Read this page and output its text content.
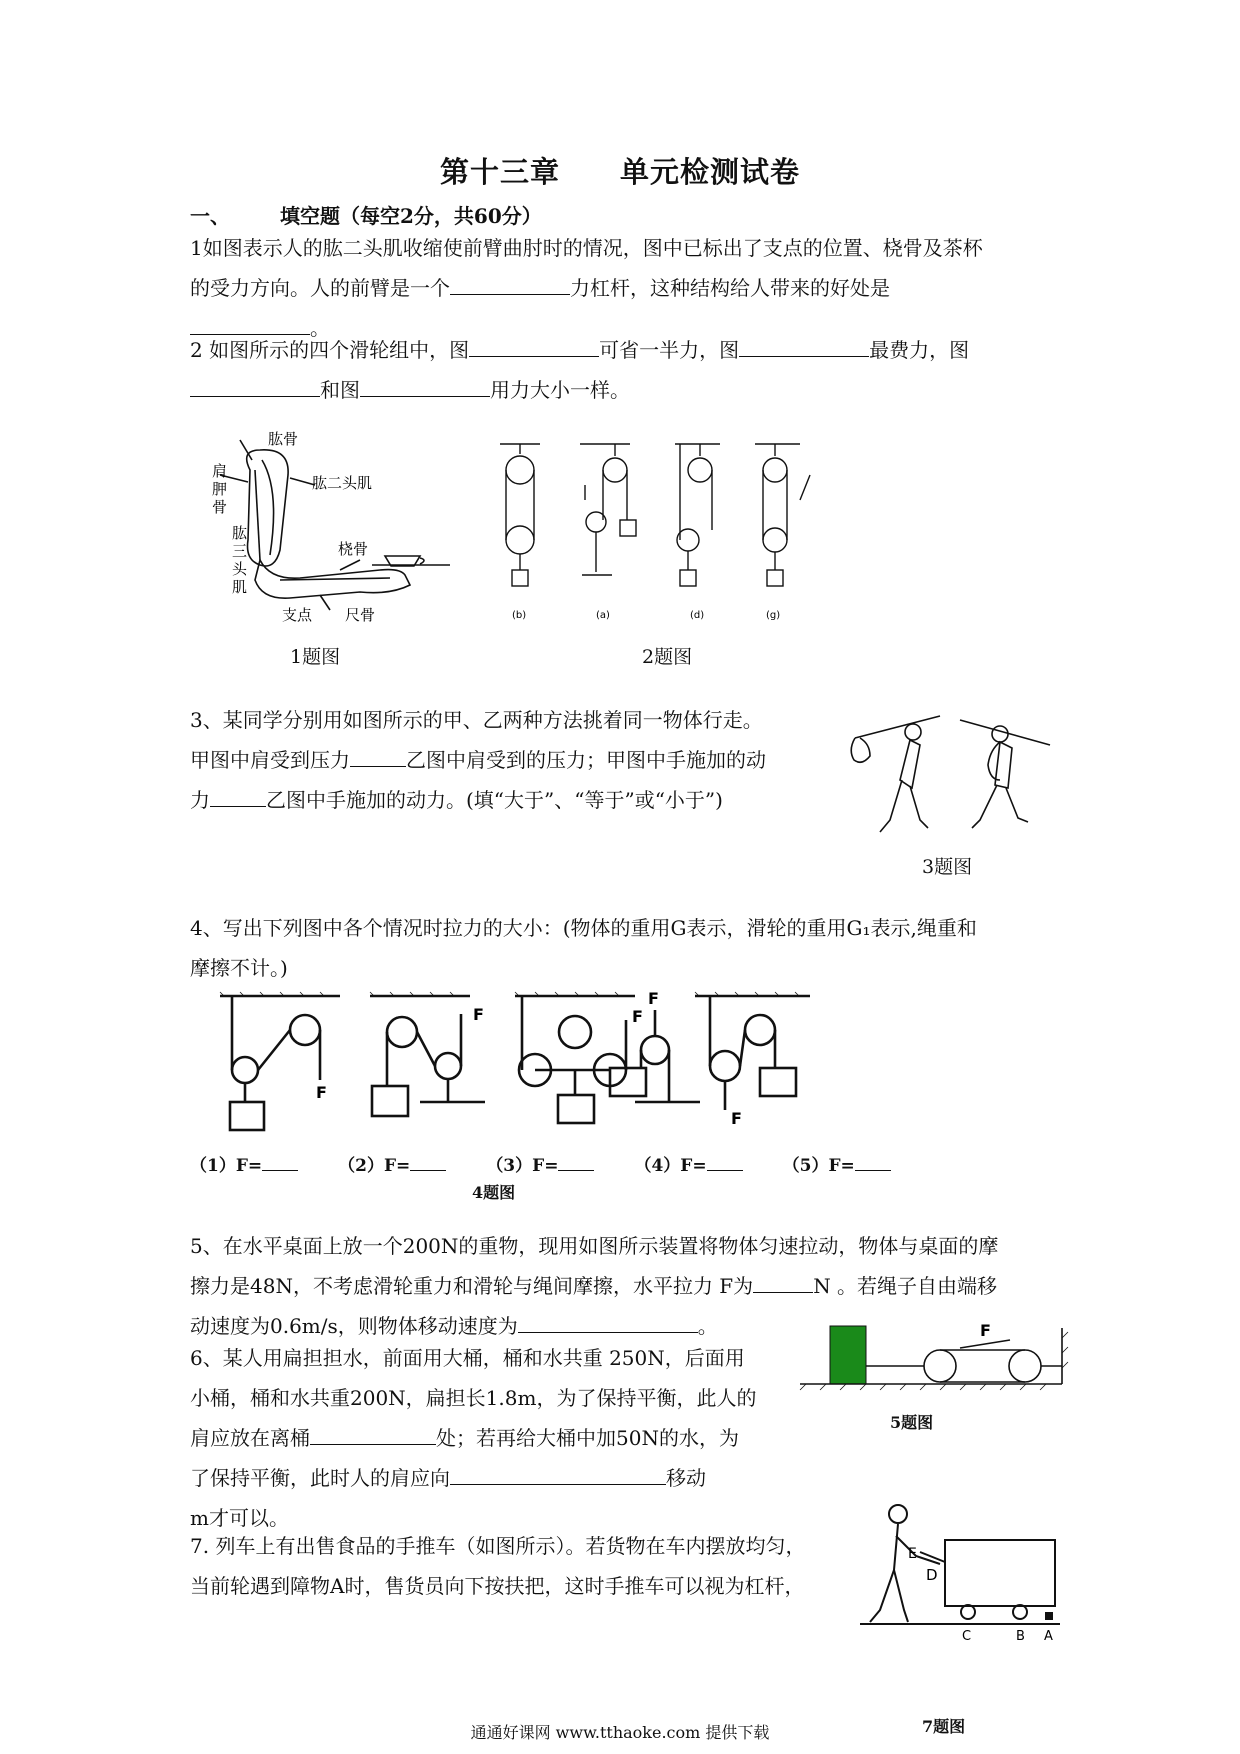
第十三章 单元检测试卷
一、	填空题（每空2分，共60分）

1如图表示人的肱二头肌收缩使前臂曲肘时的情况，图中已标出了支点的位置、桡骨及茶杯
的受力方向。人的前臂是一个	力杠杆，这种结构给人带来的好处是
。

2 如图所示的四个滑轮组中，图	可省一半力，图	最费力，图
和图	用力大小一样。

肱骨
肩
胛
骨
肱二头肌
桡骨
肱
三
头
肌
支点 尺骨
1题图
(b)	(a)	(d)	(g)
2题图

3、某同学分别用如图所示的甲、乙两种方法挑着同一物体行走。
甲图中肩受到压力	乙图中肩受到的压力；甲图中手施加的动
力	乙图中手施加的动力。(填“大于”、“等于”或“小于”)

3题图

4、写出下列图中各个情况时拉力的大小：(物体的重用G表示，滑轮的重用G₁表示,绳重和
摩擦不计。)

F
F	F
F
F
（1）F=	（2）F=	（3）F=	（4）F=	（5）F=
4题图

5、在水平桌面上放一个200N的重物，现用如图所示装置将物体匀速拉动，物体与桌面的摩
擦力是48N，不考虑滑轮重力和滑轮与绳间摩擦，水平拉力 F为	N 。若绳子自由端移
动速度为0.6m/s，则物体移动速度为	。	F
5题图

6、某人用扁担担水，前面用大桶，桶和水共重 250N，后面用
小桶，桶和水共重200N，扁担长1.8m，为了保持平衡，此人的
肩应放在离桶	处；若再给大桶中加50N的水，为
了保持平衡，此时人的肩应向	移动
m才可以。

7. 列车上有出售食品的手推车（如图所示）。若货物在车内摆放均匀，
当前轮遇到障物A时，售货员向下按扶把，这时手推车可以视为杠杆，

E
D
C	B A
7题图
通通好课网 www.tthaoke.com 提供下载
